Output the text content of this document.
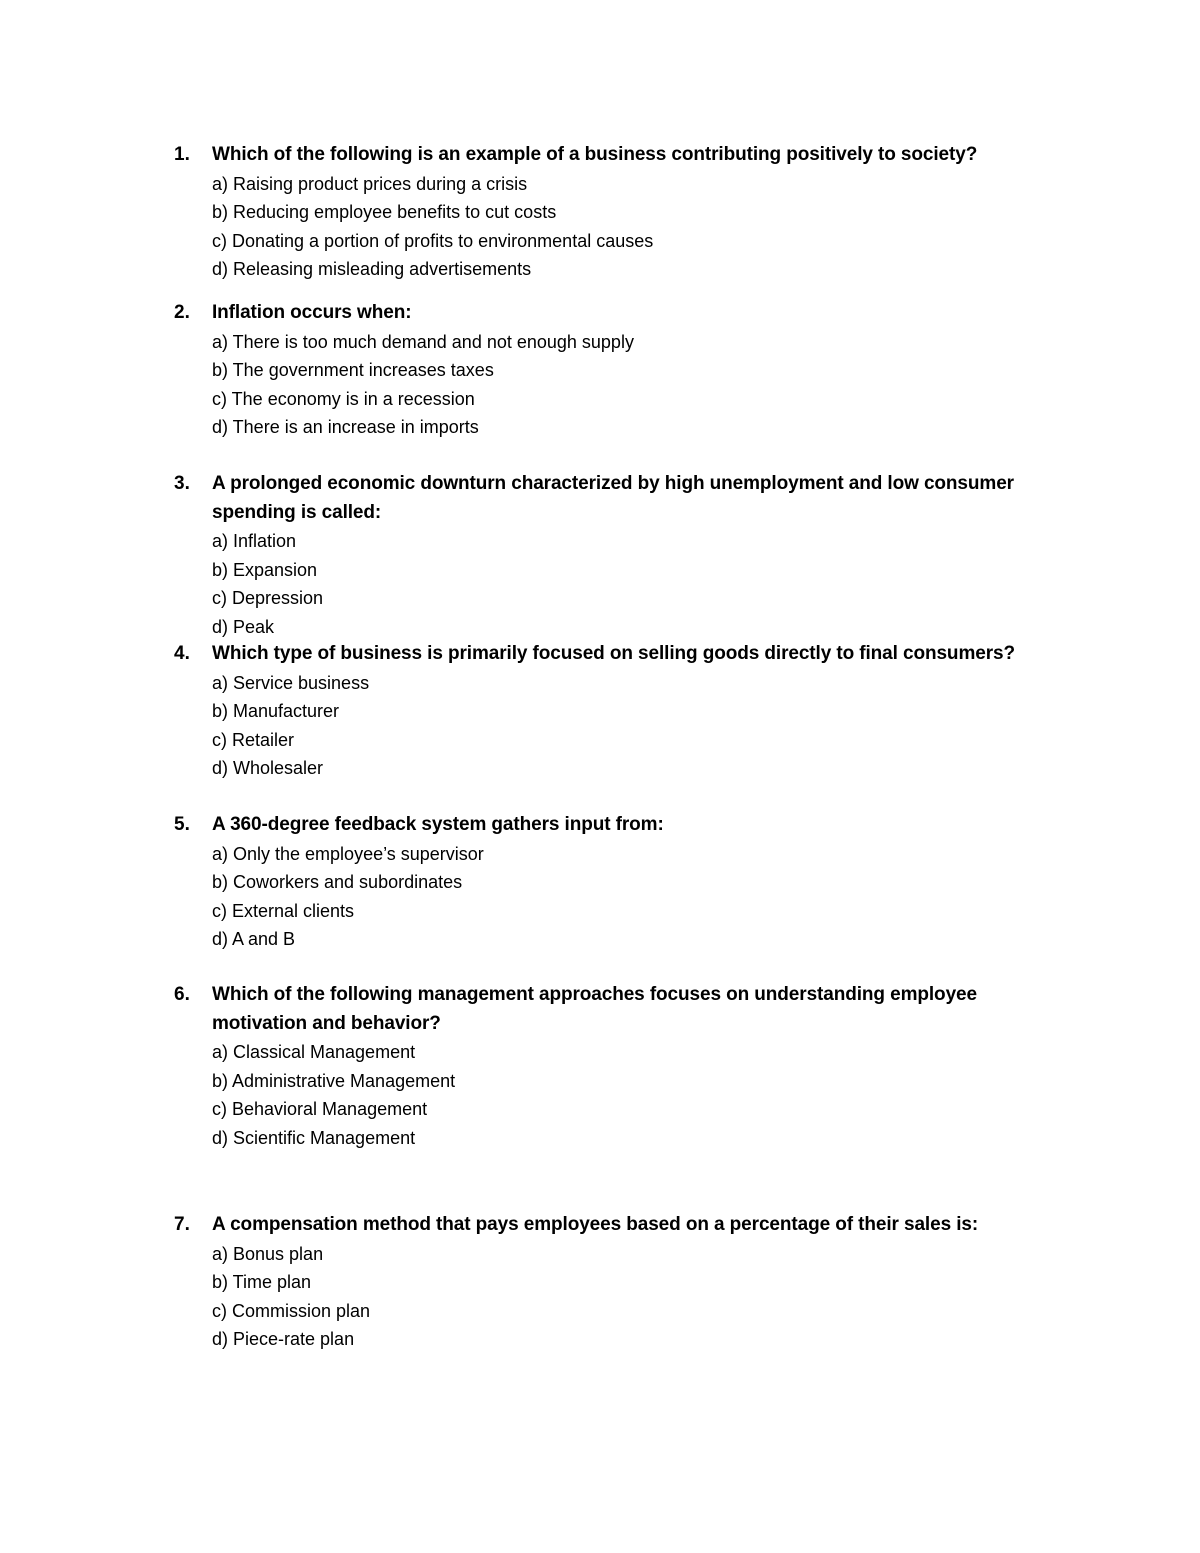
1. Which of the following is an example of a business contributing positively to society?
a) Raising product prices during a crisis
b) Reducing employee benefits to cut costs
c) Donating a portion of profits to environmental causes
d) Releasing misleading advertisements
2. Inflation occurs when:
a) There is too much demand and not enough supply
b) The government increases taxes
c) The economy is in a recession
d) There is an increase in imports
3. A prolonged economic downturn characterized by high unemployment and low consumer spending is called:
a) Inflation
b) Expansion
c) Depression
d) Peak
4. Which type of business is primarily focused on selling goods directly to final consumers?
a) Service business
b) Manufacturer
c) Retailer
d) Wholesaler
5. A 360-degree feedback system gathers input from:
a) Only the employee’s supervisor
b) Coworkers and subordinates
c) External clients
d) A and B
6. Which of the following management approaches focuses on understanding employee motivation and behavior?
a) Classical Management
b) Administrative Management
c) Behavioral Management
d) Scientific Management
7. A compensation method that pays employees based on a percentage of their sales is:
a) Bonus plan
b) Time plan
c) Commission plan
d) Piece-rate plan
